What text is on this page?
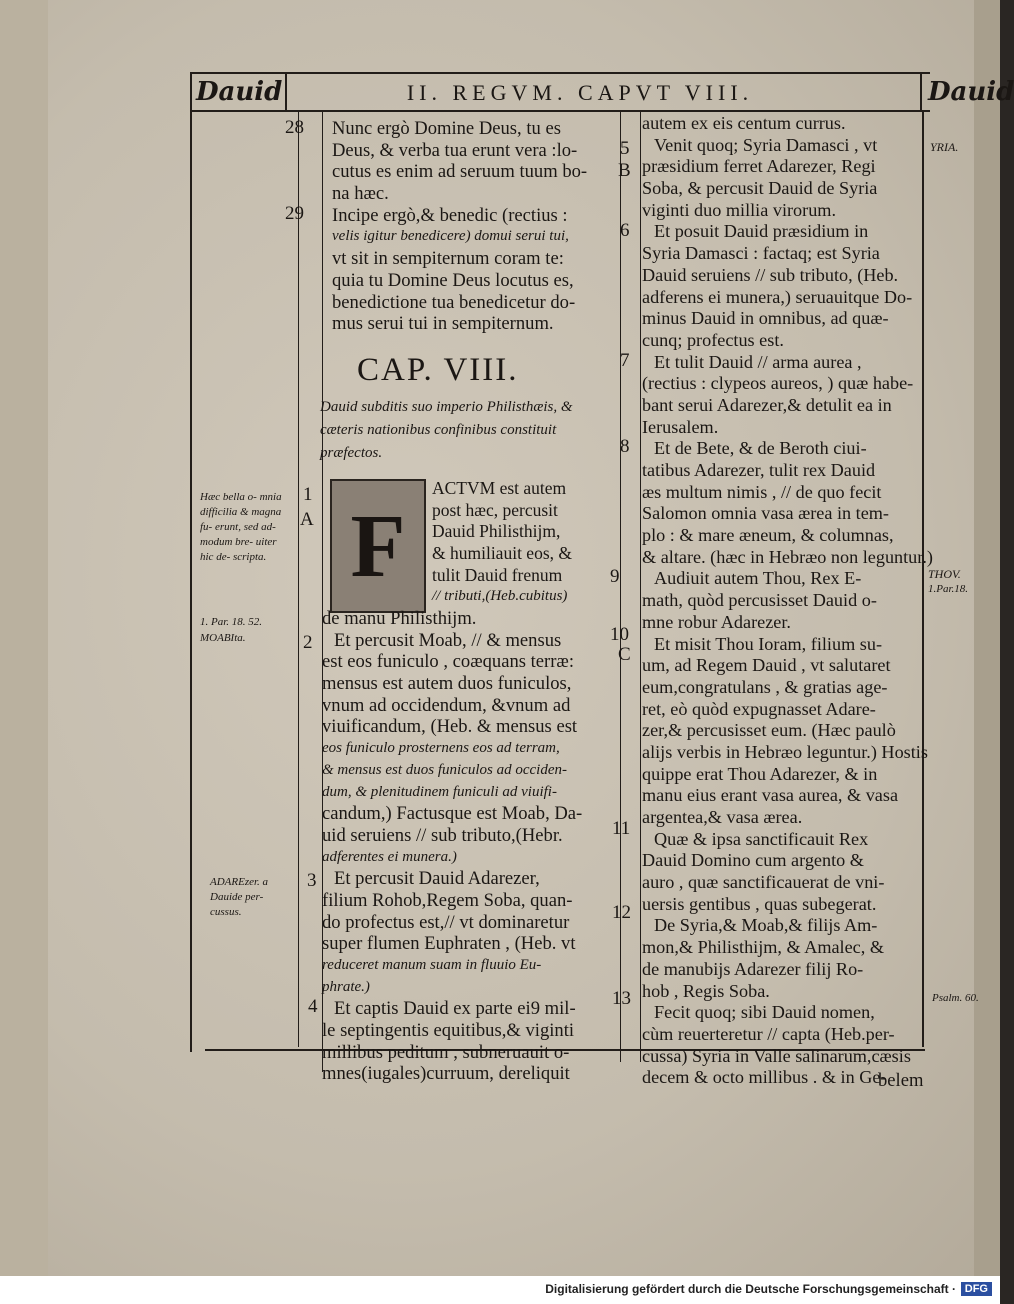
Dauid	II. REGVM. CAPVT VIII.	Dauid
Nunc ergò Domine Deus, tu es
Deus, & verba tua erunt vera :lo-
cutus es enim ad seruum tuum bo-
na hæc.
Incipe ergò,& benedic (rectius :
velis igitur benedicere) domui serui tui,
vt sit in sempiternum coram te:
quia tu Domine Deus locutus es,
benedictione tua benedicetur do-
mus serui tui in sempiternum.
CAP. VIII.
Dauid subditis suo imperio Philisthæis, & cæteris nationibus confinibus constituit præfectos.
F
ACTVM est autem
post hæc, percusit
Dauid Philisthijm,
& humiliauit eos, &
tulit Dauid frenum
// tributi,(Heb.cubitus)
de manu Philisthijm.
Et percusit Moab, // & mensus
est eos funiculo , coæquans terræ:
mensus est autem duos funiculos,
vnum ad occidendum, &vnum ad
viuificandum, (Heb. & mensus est
eos funiculo prosternens eos ad terram,
& mensus est duos funiculos ad occiden-
dum, & plenitudinem funiculi ad viuifi-
candum,) Factusque est Moab, Da-
uid seruiens // sub tributo,(Hebr.
adferentes ei munera.)
Et percusit Dauid Adarezer,
filium Rohob,Regem Soba, quan-
do profectus est,// vt dominaretur
super flumen Euphraten , (Heb. vt
reduceret manum suam in fluuio Eu-
phrate.)
Et captis Dauid ex parte ei9 mil-
le septingentis equitibus,& viginti
millibus peditum , subneruauit o-
mnes(iugales)curruum, dereliquit
autem ex eis centum currus.
Venit quoq; Syria Damasci , vt
præsidium ferret Adarezer, Regi
Soba, & percusit Dauid de Syria
viginti duo millia virorum.
Et posuit Dauid præsidium in
Syria Damasci : factaq; est Syria
Dauid seruiens // sub tributo, (Heb.
adferens ei munera,) seruauitque Do-
minus Dauid in omnibus, ad quæ-
cunq; profectus est.
Et tulit Dauid // arma aurea ,
(rectius : clypeos aureos, ) quæ habe-
bant serui Adarezer,& detulit ea in
Ierusalem.
Et de Bete, & de Beroth ciui-
tatibus Adarezer, tulit rex Dauid
æs multum nimis , // de quo fecit
Salomon omnia vasa ærea in tem-
plo : & mare æneum, & columnas,
& altare. (hæc in Hebræo non leguntur.)
Audiuit autem Thou, Rex E-
math, quòd percusisset Dauid o-
mne robur Adarezer.
Et misit Thou Ioram, filium su-
um, ad Regem Dauid , vt salutaret
eum,congratulans , & gratias age-
ret, eò quòd expugnasset Adare-
zer,& percusisset eum. (Hæc paulò
alijs verbis in Hebræo leguntur.) Hostis
quippe erat Thou Adarezer, & in
manu eius erant vasa aurea, & vasa
argentea,& vasa ærea.
Quæ & ipsa sanctificauit Rex
Dauid Domino cum argento &
auro , quæ sanctificauerat de vni-
uersis gentibus , quas subegerat.
De Syria,& Moab,& filijs Am-
mon,& Philisthijm, & Amalec, &
de manubijs Adarezer filij Ro-
hob , Regis Soba.
Fecit quoq; sibi Dauid nomen,
cùm reuerteretur // capta (Heb.per-
cussa) Syria in Valle salinarum,cæsis
decem & octo millibus . & in Ge-
belem
28
29
1
A
2
3
4
5
B
6
7
8
9
10
C
11
12
13
Hæc bella o- mnia difficilia & magna fu- erunt, sed ad- modum bre- uiter hic de- scripta.
1. Par. 18. 52.
MOABIta.
ADAREzer. a Dauide per- cussus.
YRIA.
THOV.
1.Par.18.
Psalm. 60.
Digitalisierung gefördert durch die Deutsche Forschungsgemeinschaft · DFG
